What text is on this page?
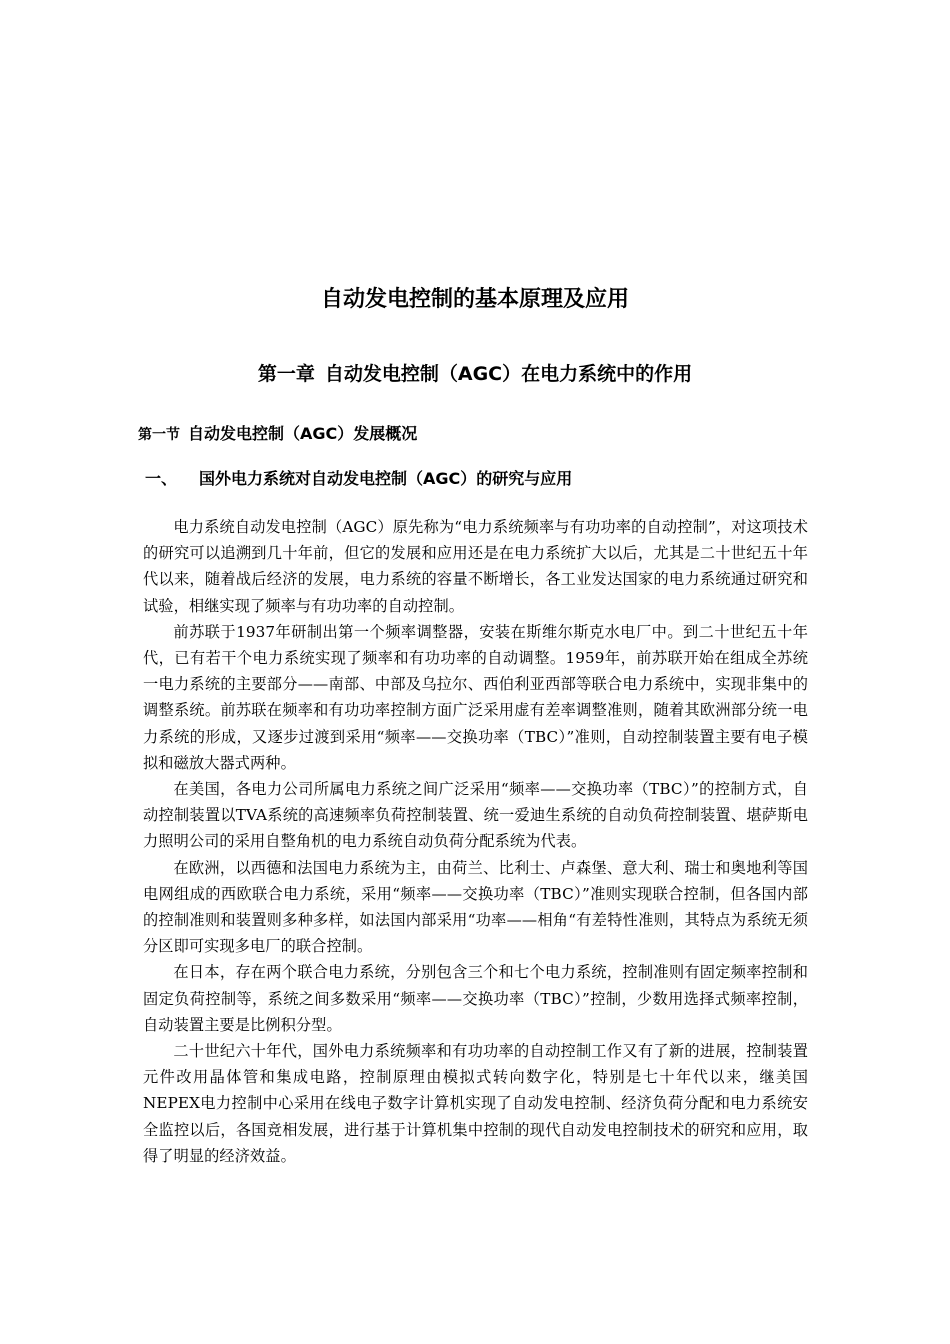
自动发电控制的基本原理及应用
第一章 自动发电控制（AGC）在电力系统中的作用
第一节 自动发电控制（AGC）发展概况
一、 国外电力系统对自动发电控制（AGC）的研究与应用

电力系统自动发电控制（AGC）原先称为“电力系统频率与有功功率的自动控制”，对这项技术的研究可以追溯到几十年前，但它的发展和应用还是在电力系统扩大以后，尤其是二十世纪五十年代以来，随着战后经济的发展，电力系统的容量不断增长，各工业发达国家的电力系统通过研究和试验，相继实现了频率与有功功率的自动控制。

前苏联于1937年研制出第一个频率调整器，安装在斯维尔斯克水电厂中。到二十世纪五十年代，已有若干个电力系统实现了频率和有功功率的自动调整。1959年，前苏联开始在组成全苏统一电力系统的主要部分——南部、中部及乌拉尔、西伯利亚西部等联合电力系统中，实现非集中的调整系统。前苏联在频率和有功功率控制方面广泛采用虚有差率调整准则，随着其欧洲部分统一电力系统的形成，又逐步过渡到采用“频率——交换功率（TBC）”准则，自动控制装置主要有电子模拟和磁放大器式两种。

在美国，各电力公司所属电力系统之间广泛采用“频率——交换功率（TBC）”的控制方式，自动控制装置以TVA系统的高速频率负荷控制装置、统一爱迪生系统的自动负荷控制装置、堪萨斯电力照明公司的采用自整角机的电力系统自动负荷分配系统为代表。

在欧洲，以西德和法国电力系统为主，由荷兰、比利士、卢森堡、意大利、瑞士和奥地利等国电网组成的西欧联合电力系统，采用“频率——交换功率（TBC）”准则实现联合控制，但各国内部的控制准则和装置则多种多样，如法国内部采用“功率——相角“有差特性准则，其特点为系统无须分区即可实现多电厂的联合控制。

在日本，存在两个联合电力系统，分别包含三个和七个电力系统，控制准则有固定频率控制和固定负荷控制等，系统之间多数采用“频率——交换功率（TBC）”控制，少数用选择式频率控制，自动装置主要是比例积分型。

二十世纪六十年代，国外电力系统频率和有功功率的自动控制工作又有了新的进展，控制装置元件改用晶体管和集成电路，控制原理由模拟式转向数字化，特别是七十年代以来，继美国NEPEX电力控制中心采用在线电子数字计算机实现了自动发电控制、经济负荷分配和电力系统安全监控以后，各国竞相发展，进行基于计算机集中控制的现代自动发电控制技术的研究和应用，取得了明显的经济效益。
